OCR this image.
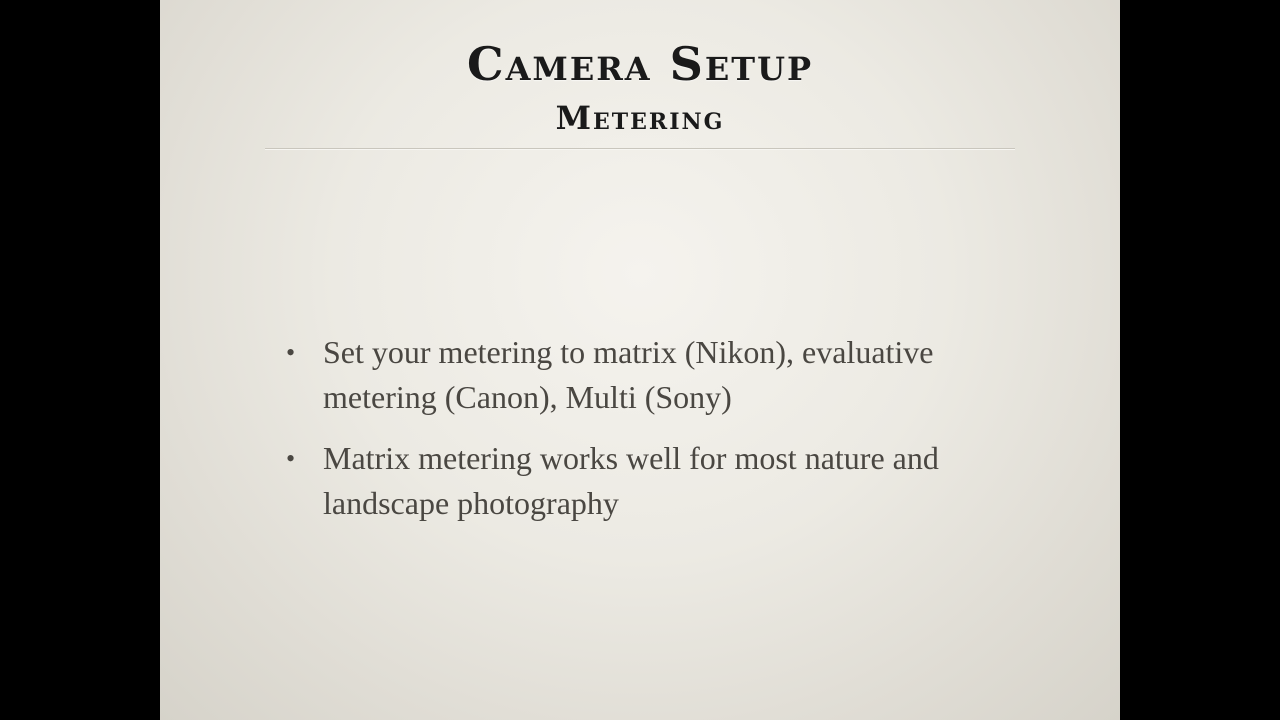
Camera Setup
Metering
• Set your metering to matrix (Nikon), evaluative metering (Canon), Multi (Sony)
• Matrix metering works well for most nature and landscape photography
